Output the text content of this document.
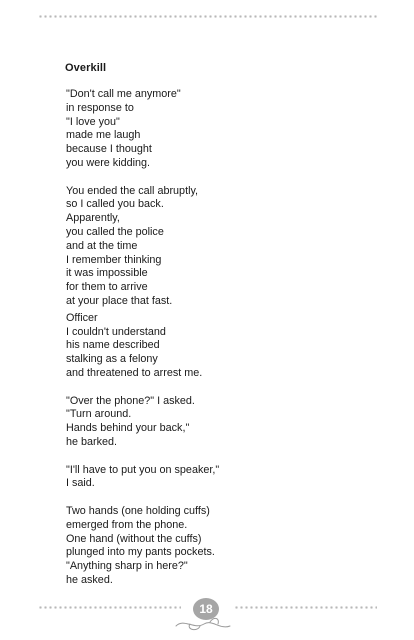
Overkill
"Don't call me anymore"
in response to
"I love you"
made me laugh
because I thought
you were kidding.
You ended the call abruptly,
so I called you back.
Apparently,
you called the police
and at the time
I remember thinking
it was impossible
for them to arrive
at your place that fast.
Officer
I couldn't understand
his name described
stalking as a felony
and threatened to arrest me.
"Over the phone?" I asked.
"Turn around.
Hands behind your back,"
he barked.
"I'll have to put you on speaker,"
I said.
Two hands (one holding cuffs)
emerged from the phone.
One hand (without the cuffs)
plunged into my pants pockets.
"Anything sharp in here?"
he asked.
18
